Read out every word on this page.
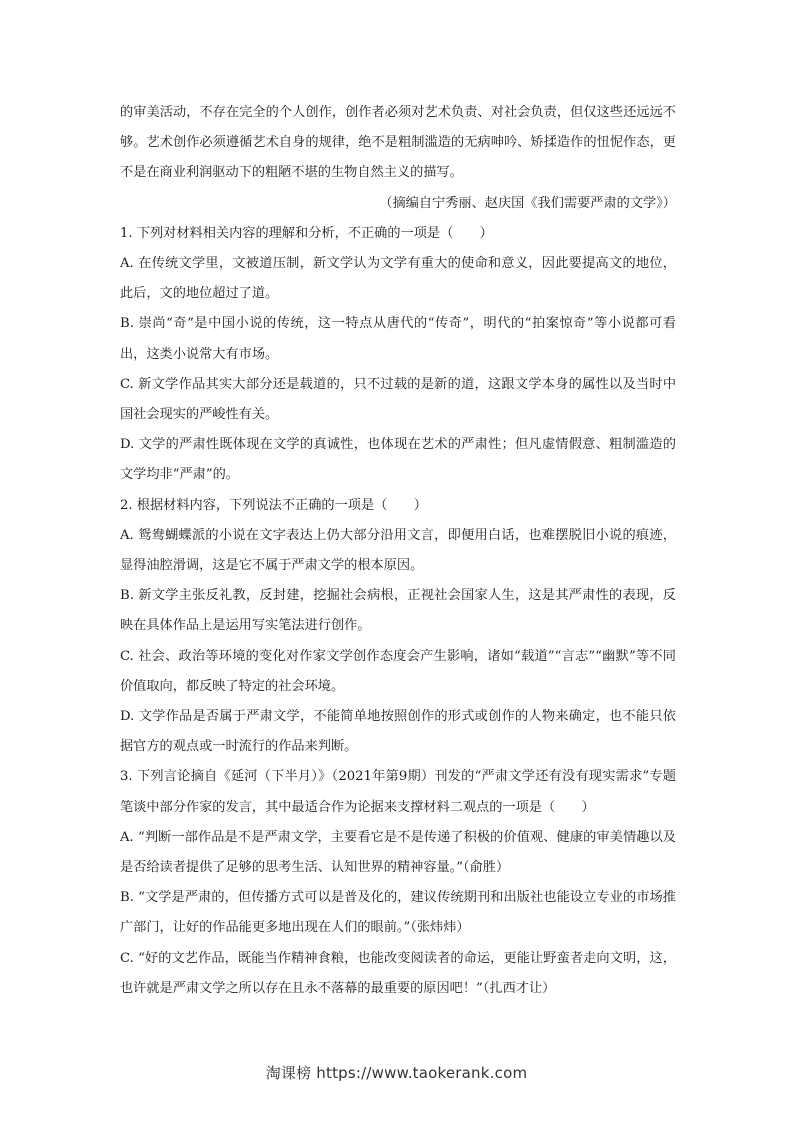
的审美活动，不存在完全的个人创作，创作者必须对艺术负责、对社会负责，但仅这些还远远不够。艺术创作必须遵循艺术自身的规律，绝不是粗制滥造的无病呻吟、矫揉造作的忸怩作态，更不是在商业利润驱动下的粗陋不堪的生物自然主义的描写。

（摘编自宁秀丽、赵庆国《我们需要严肃的文学》）

1. 下列对材料相关内容的理解和分析，不正确的一项是（　　）

A. 在传统文学里，文被道压制，新文学认为文学有重大的使命和意义，因此要提高文的地位，此后，文的地位超过了道。

B. 崇尚“奇”是中国小说的传统，这一特点从唐代的“传奇”，明代的“拍案惊奇”等小说都可看出，这类小说常大有市场。

C. 新文学作品其实大部分还是载道的，只不过载的是新的道，这跟文学本身的属性以及当时中国社会现实的严峻性有关。

D. 文学的严肃性既体现在文学的真诚性，也体现在艺术的严肃性；但凡虚情假意、粗制滥造的文学均非“严肃”的。

2. 根据材料内容，下列说法不正确的一项是（　　）

A. 鸳鸯蝴蝶派的小说在文字表达上仍大部分沿用文言，即便用白话，也难摆脱旧小说的痕迹，显得油腔滑调，这是它不属于严肃文学的根本原因。

B. 新文学主张反礼教，反封建，挖掘社会病根，正视社会国家人生，这是其严肃性的表现，反映在具体作品上是运用写实笔法进行创作。

C. 社会、政治等环境的变化对作家文学创作态度会产生影响，诸如“载道”“言志”“幽默”等不同价值取向，都反映了特定的社会环境。

D. 文学作品是否属于严肃文学，不能简单地按照创作的形式或创作的人物来确定，也不能只依据官方的观点或一时流行的作品来判断。

3. 下列言论摘自《延河（下半月）》（2021年第9期）刊发的“严肃文学还有没有现实需求”专题笔谈中部分作家的发言，其中最适合作为论据来支撑材料二观点的一项是（　　）

A. “判断一部作品是不是严肃文学，主要看它是不是传递了积极的价值观、健康的审美情趣以及是否给读者提供了足够的思考生活、认知世界的精神容量。”（俞胜）

B. “文学是严肃的，但传播方式可以是普及化的，建议传统期刊和出版社也能设立专业的市场推广部门，让好的作品能更多地出现在人们的眼前。”（张炜炜）

C. “好的文艺作品，既能当作精神食粮，也能改变阅读者的命运，更能让野蛮者走向文明，这，也许就是严肃文学之所以存在且永不落幕的最重要的原因吧！”（扎西才让）

淘课榜 https://www.taokerank.com
